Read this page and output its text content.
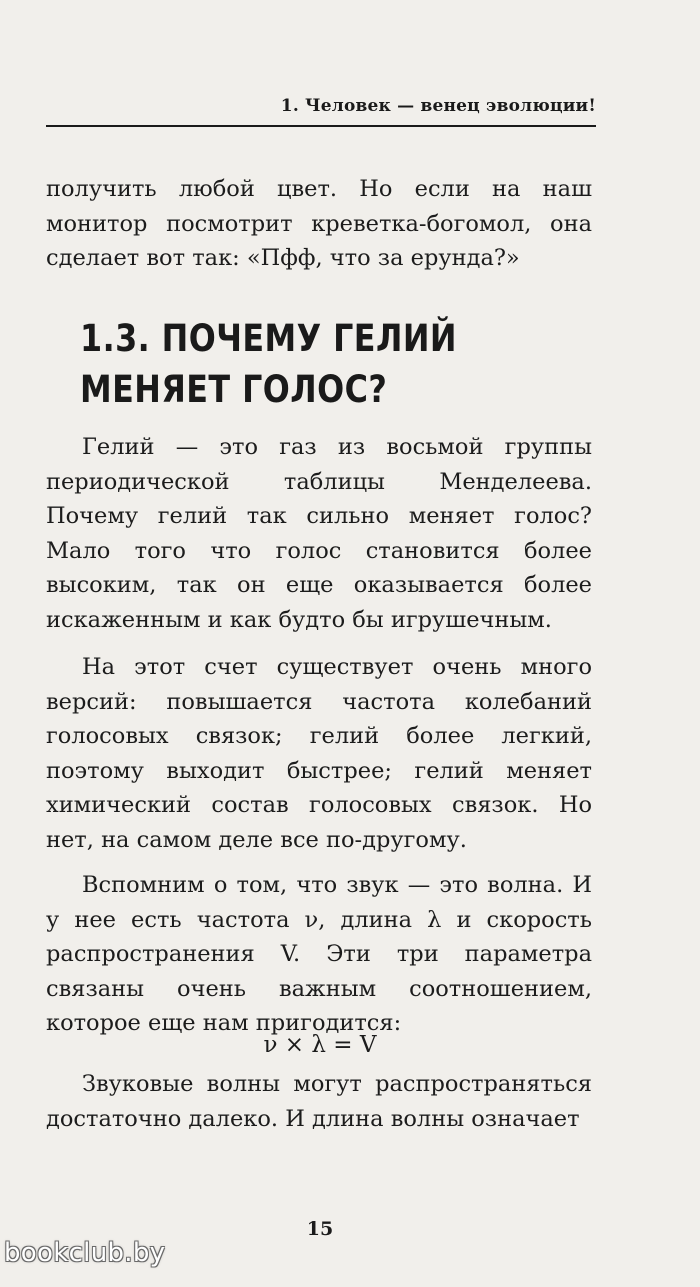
1. Человек — венец эволюции!

получить любой цвет. Но если на наш монитор посмотрит креветка-богомол, она сделает вот так: «Пфф, что за ерунда?»

1.3. ПОЧЕМУ ГЕЛИЙ МЕНЯЕТ ГОЛОС?

Гелий — это газ из восьмой группы периодической таблицы Менделеева. Почему гелий так сильно меняет голос? Мало того что голос становится более высоким, так он еще оказывается более искаженным и как будто бы игрушечным.

На этот счет существует очень много версий: повышается частота колебаний голосовых связок; гелий более легкий, поэтому выходит быстрее; гелий меняет химический состав голосовых связок. Но нет, на самом деле все по-другому.

Вспомним о том, что звук — это волна. И у нее есть частота ν, длина λ и скорость распространения V. Эти три параметра связаны очень важным соотношением, которое еще нам пригодится:

ν × λ = V

Звуковые волны могут распространяться достаточно далеко. И длина волны означает

15
bookclub.by
